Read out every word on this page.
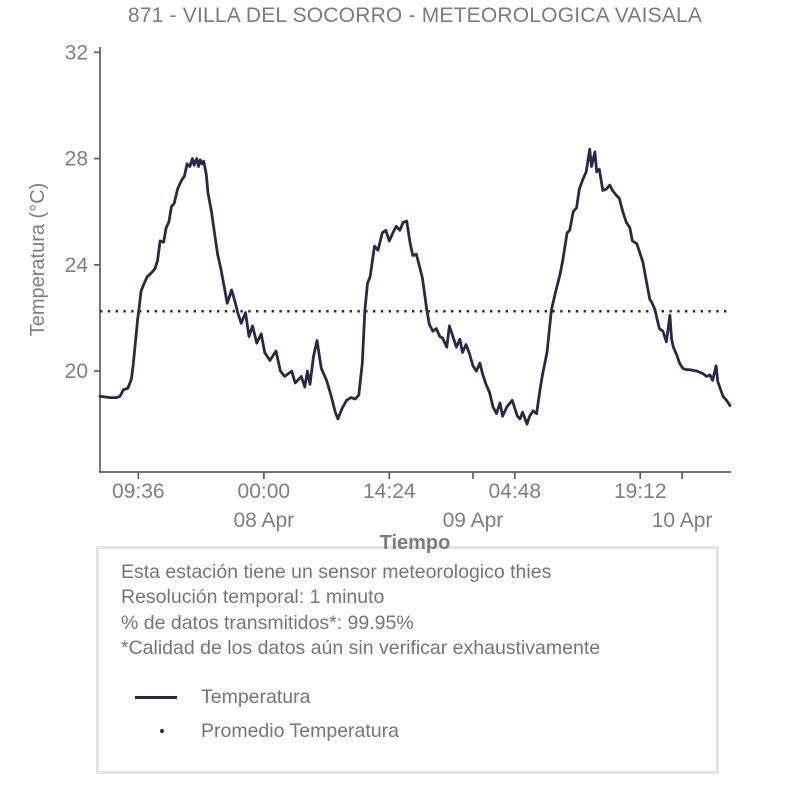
871 - VILLA DEL SOCORRO - METEOROLOGICA VAISALA
20
24
28
32
09:36	00:00	14:24	04:48	19:12
08 Apr	09 Apr	10 Apr
Temperatura (°C)
Tiempo
Esta estación tiene un sensor meteorologico thies
Resolución temporal: 1 minuto
% de datos transmitidos*: 99.95%
*Calidad de los datos aún sin verificar exhaustivamente
Temperatura
Promedio Temperatura
